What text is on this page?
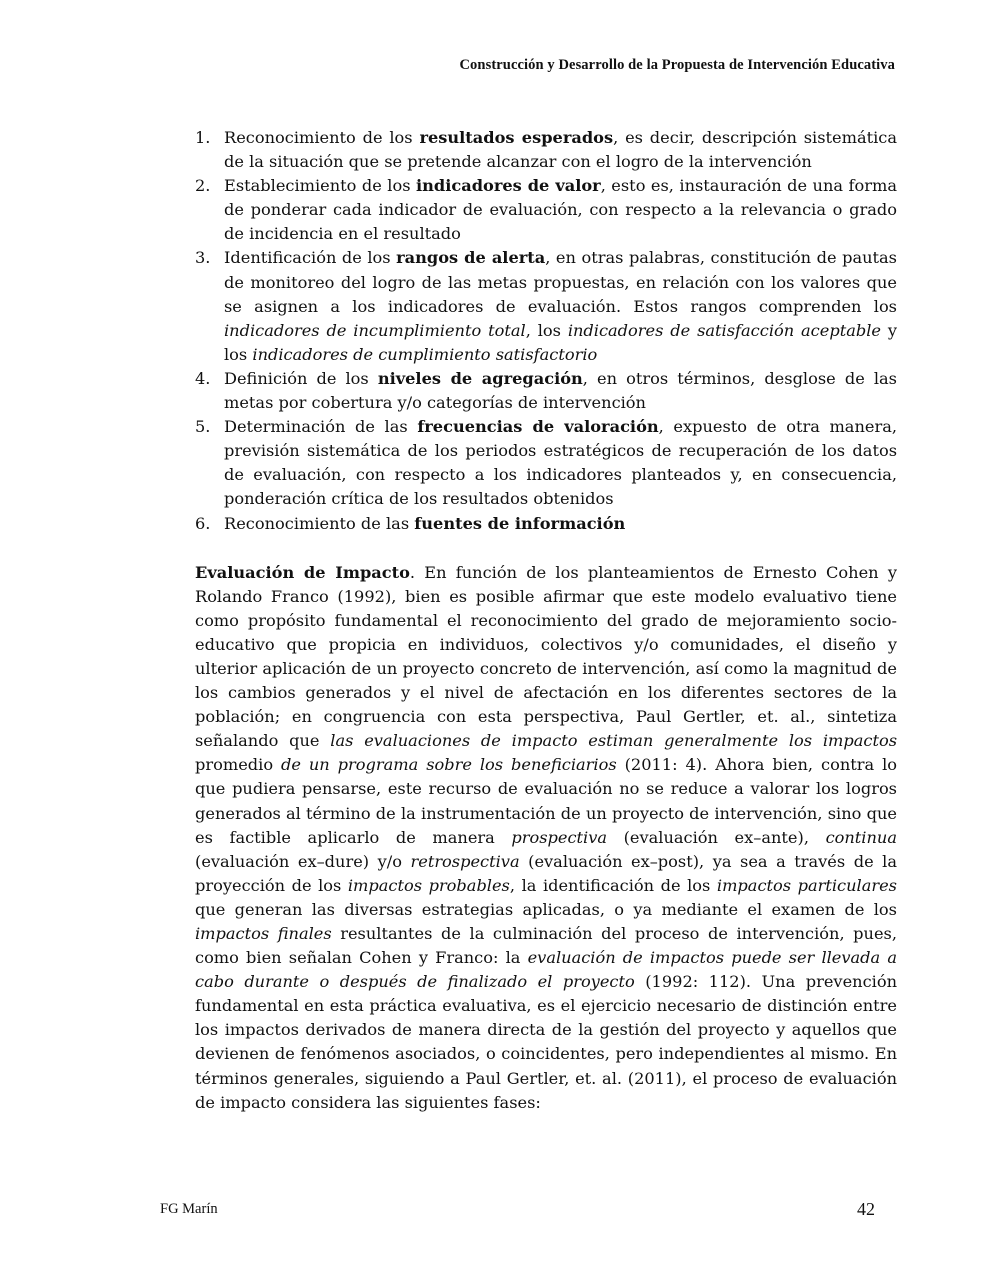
Construcción y Desarrollo de la Propuesta de Intervención Educativa
1. Reconocimiento de los resultados esperados, es decir, descripción sistemática de la situación que se pretende alcanzar con el logro de la intervención
2. Establecimiento de los indicadores de valor, esto es, instauración de una forma de ponderar cada indicador de evaluación, con respecto a la relevancia o grado de incidencia en el resultado
3. Identificación de los rangos de alerta, en otras palabras, constitución de pautas de monitoreo del logro de las metas propuestas, en relación con los valores que se asignen a los indicadores de evaluación. Estos rangos comprenden los indicadores de incumplimiento total, los indicadores de satisfacción aceptable y los indicadores de cumplimiento satisfactorio
4. Definición de los niveles de agregación, en otros términos, desglose de las metas por cobertura y/o categorías de intervención
5. Determinación de las frecuencias de valoración, expuesto de otra manera, previsión sistemática de los periodos estratégicos de recuperación de los datos de evaluación, con respecto a los indicadores planteados y, en consecuencia, ponderación crítica de los resultados obtenidos
6. Reconocimiento de las fuentes de información

Evaluación de Impacto. En función de los planteamientos de Ernesto Cohen y Rolando Franco (1992), bien es posible afirmar que este modelo evaluativo tiene como propósito fundamental el reconocimiento del grado de mejoramiento socio-educativo que propicia en individuos, colectivos y/o comunidades, el diseño y ulterior aplicación de un proyecto concreto de intervención, así como la magnitud de los cambios generados y el nivel de afectación en los diferentes sectores de la población; en congruencia con esta perspectiva, Paul Gertler, et. al., sintetiza señalando que las evaluaciones de impacto estiman generalmente los impactos promedio de un programa sobre los beneficiarios (2011: 4). Ahora bien, contra lo que pudiera pensarse, este recurso de evaluación no se reduce a valorar los logros generados al término de la instrumentación de un proyecto de intervención, sino que es factible aplicarlo de manera prospectiva (evaluación ex–ante), continua (evaluación ex–dure) y/o retrospectiva (evaluación ex–post), ya sea a través de la proyección de los impactos probables, la identificación de los impactos particulares que generan las diversas estrategias aplicadas, o ya mediante el examen de los impactos finales resultantes de la culminación del proceso de intervención, pues, como bien señalan Cohen y Franco: la evaluación de impactos puede ser llevada a cabo durante o después de finalizado el proyecto (1992: 112). Una prevención fundamental en esta práctica evaluativa, es el ejercicio necesario de distinción entre los impactos derivados de manera directa de la gestión del proyecto y aquellos que devienen de fenómenos asociados, o coincidentes, pero independientes al mismo. En términos generales, siguiendo a Paul Gertler, et. al. (2011), el proceso de evaluación de impacto considera las siguientes fases:

FG Marín	42
